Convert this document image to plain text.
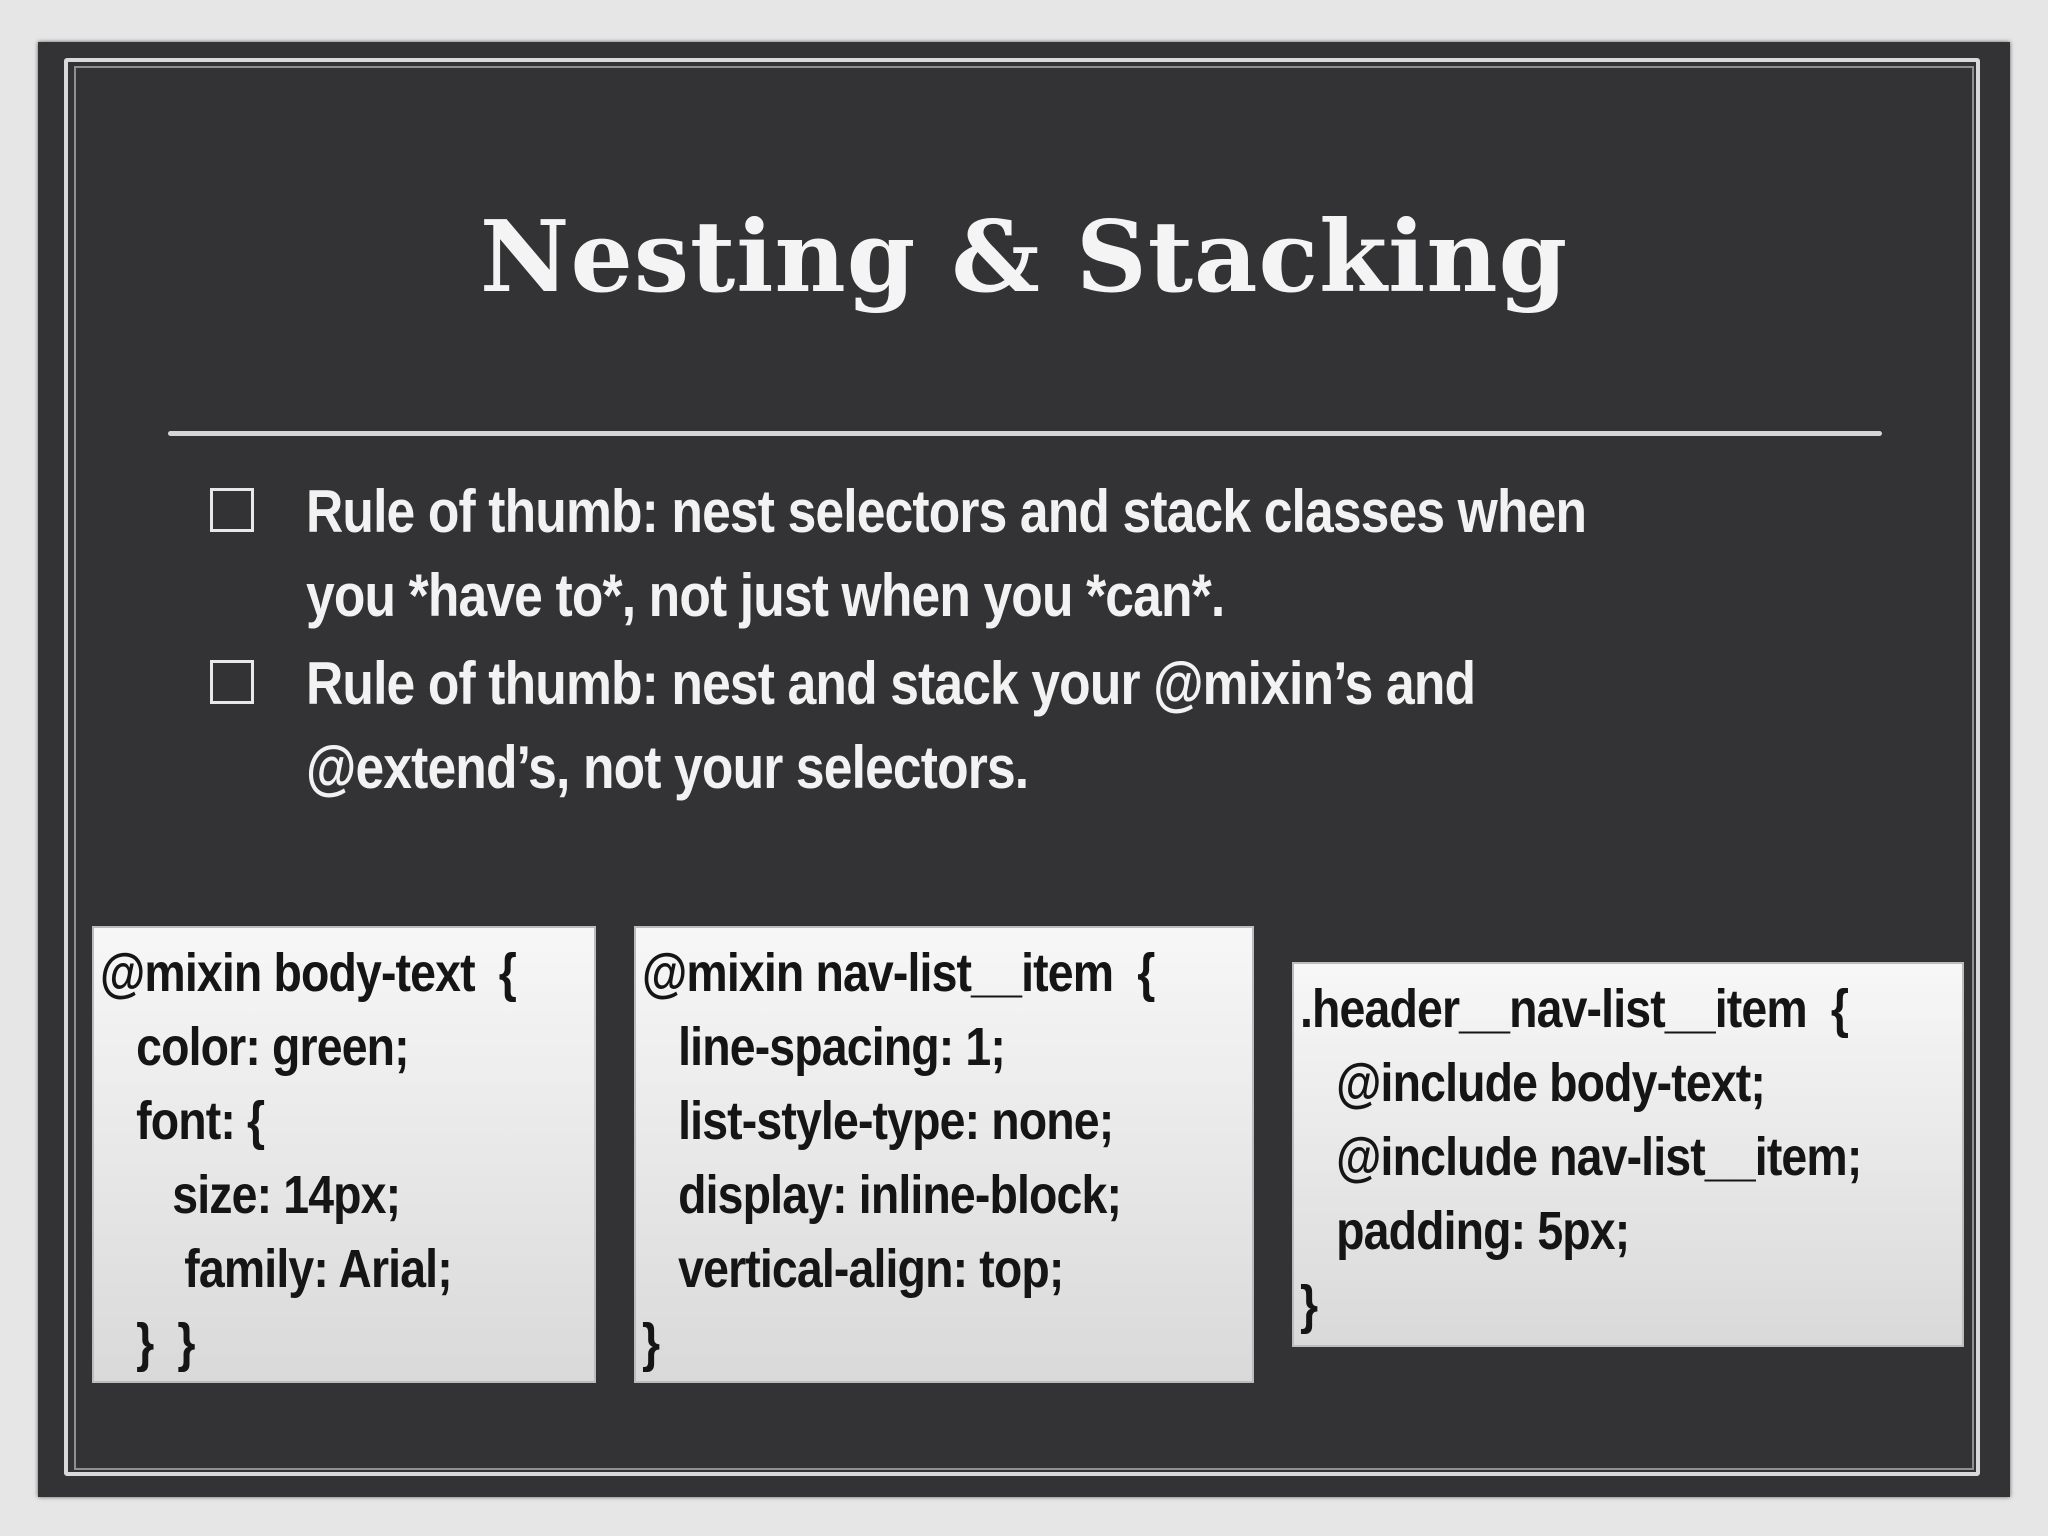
Nesting & Stacking
Rule of thumb: nest selectors and stack classes when
you *have to*, not just when you *can*.
Rule of thumb: nest and stack your @mixin’s and
@extend’s, not your selectors.
@mixin body-text  {
color: green;
font: {
size: 14px;
family: Arial;
}  }
@mixin nav-list__item  {
line-spacing: 1;
list-style-type: none;
display: inline-block;
vertical-align: top;
}
.header__nav-list__item  {
@include body-text;
@include nav-list__item;
padding: 5px;
}
